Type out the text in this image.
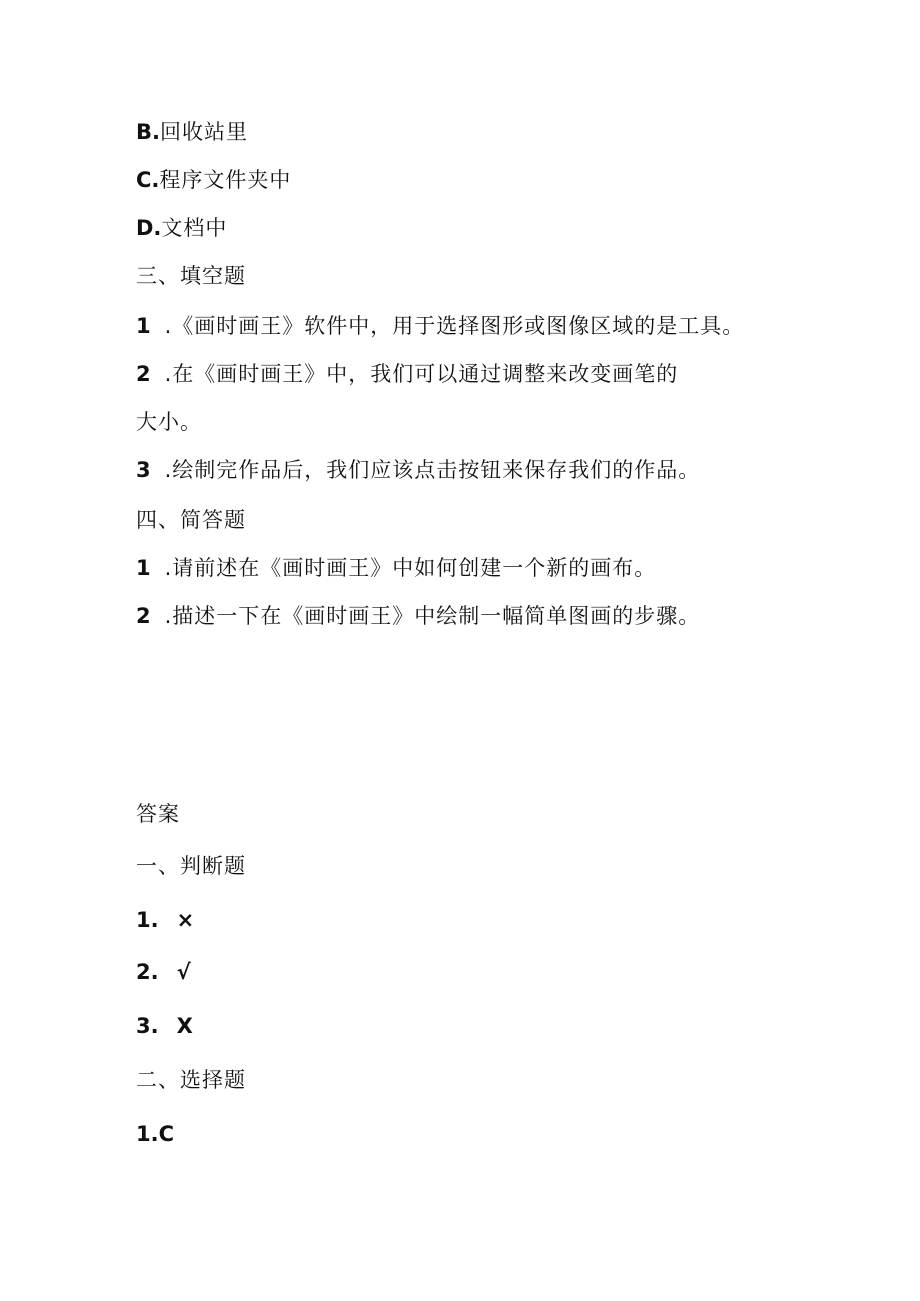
B.回收站里
C.程序文件夹中
D.文档中
三、填空题
1 .《画时画王》软件中，用于选择图形或图像区域的是工具。
2 .在《画时画王》中，我们可以通过调整来改变画笔的
大小。
3 .绘制完作品后，我们应该点击按钮来保存我们的作品。
四、简答题
1 .请前述在《画时画王》中如何创建一个新的画布。
2 .描述一下在《画时画王》中绘制一幅简单图画的步骤。
答案
一、判断题
1. ×
2. √
3. X
二、选择题
1.C
